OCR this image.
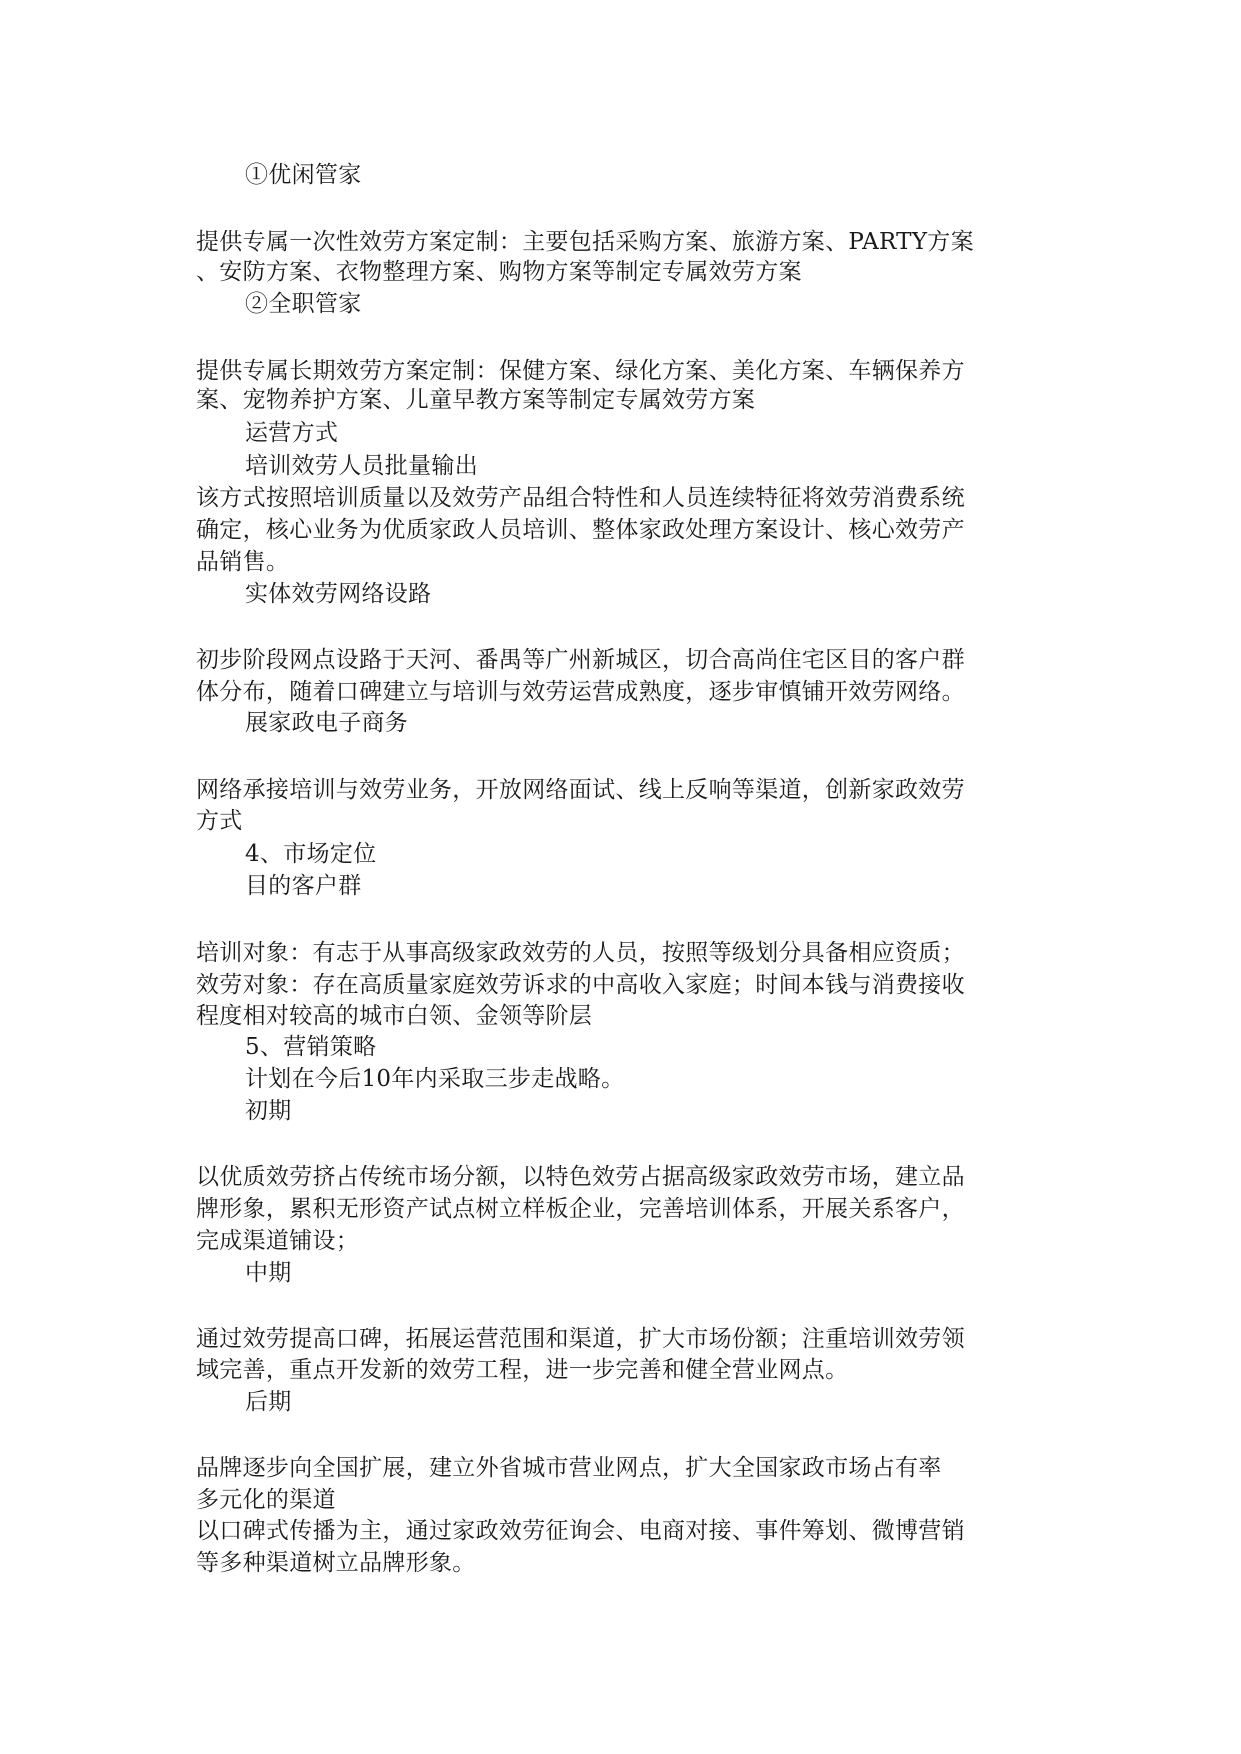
①优闲管家
提供专属一次性效劳方案定制：主要包括采购方案、旅游方案、PARTY方案
、安防方案、衣物整理方案、购物方案等制定专属效劳方案
②全职管家
提供专属长期效劳方案定制：保健方案、绿化方案、美化方案、车辆保养方
案、宠物养护方案、儿童早教方案等制定专属效劳方案
运营方式
培训效劳人员批量输出
该方式按照培训质量以及效劳产品组合特性和人员连续特征将效劳消费系统
确定，核心业务为优质家政人员培训、整体家政处理方案设计、核心效劳产
品销售。
实体效劳网络设路
初步阶段网点设路于天河、番禺等广州新城区，切合高尚住宅区目的客户群
体分布，随着口碑建立与培训与效劳运营成熟度，逐步审慎铺开效劳网络。
展家政电子商务
网络承接培训与效劳业务，开放网络面试、线上反响等渠道，创新家政效劳
方式
4、市场定位
目的客户群
培训对象：有志于从事高级家政效劳的人员，按照等级划分具备相应资质；
效劳对象：存在高质量家庭效劳诉求的中高收入家庭；时间本钱与消费接收
程度相对较高的城市白领、金领等阶层
5、营销策略
计划在今后10年内采取三步走战略。
初期
以优质效劳挤占传统市场分额，以特色效劳占据高级家政效劳市场，建立品
牌形象，累积无形资产试点树立样板企业，完善培训体系，开展关系客户，
完成渠道铺设；
中期
通过效劳提高口碑，拓展运营范围和渠道，扩大市场份额；注重培训效劳领
域完善，重点开发新的效劳工程，进一步完善和健全营业网点。
后期
品牌逐步向全国扩展，建立外省城市营业网点，扩大全国家政市场占有率
多元化的渠道
以口碑式传播为主，通过家政效劳征询会、电商对接、事件筹划、微博营销
等多种渠道树立品牌形象。
